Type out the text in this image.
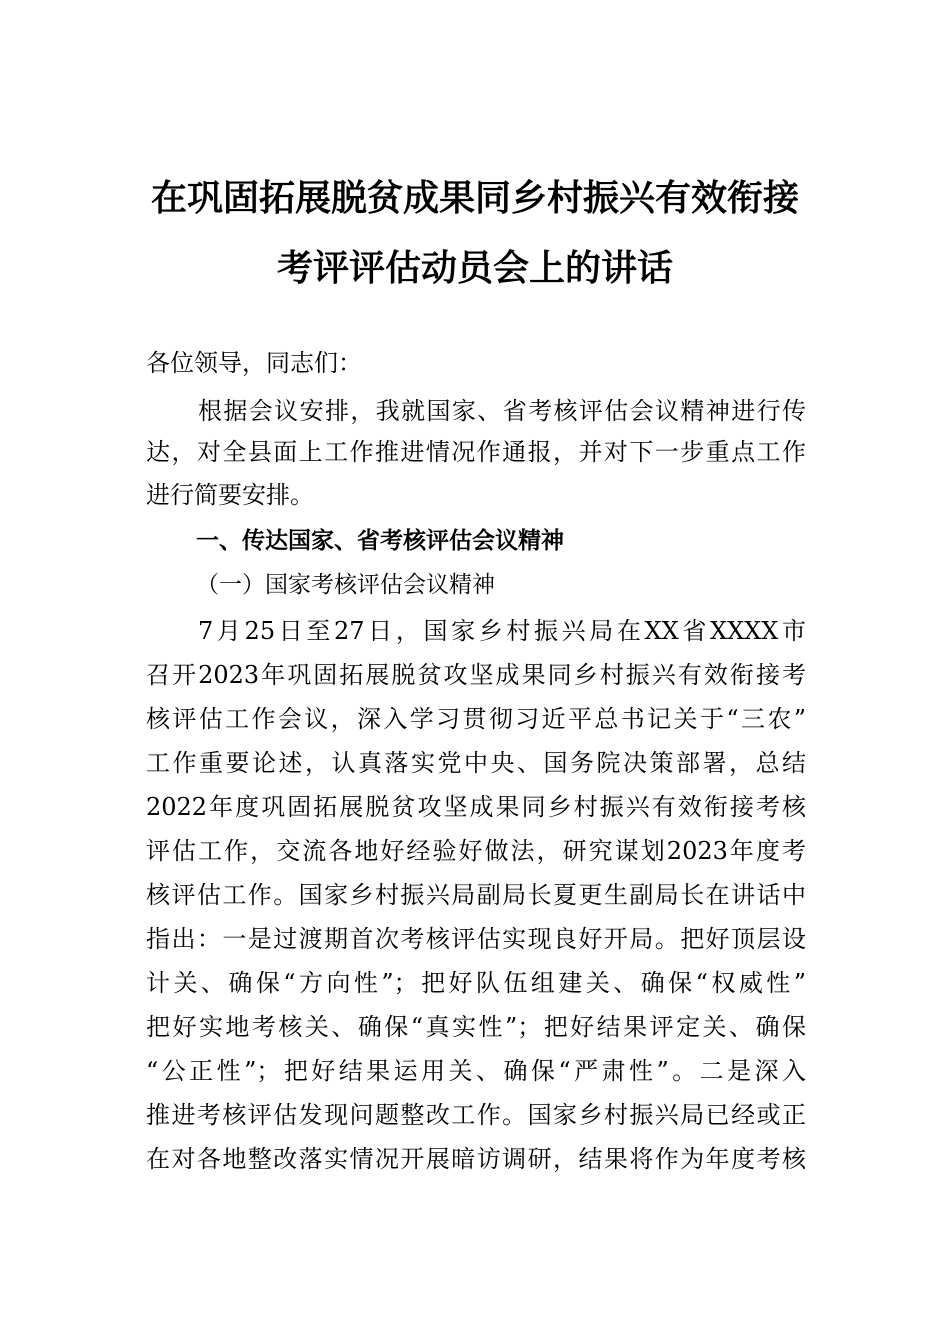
在巩固拓展脱贫成果同乡村振兴有效衔接
考评评估动员会上的讲话

各位领导，同志们：

根据会议安排，我就国家、省考核评估会议精神进行传

达，对全县面上工作推进情况作通报，并对下一步重点工作

进行简要安排。

一、传达国家、省考核评估会议精神

（一）国家考核评估会议精神

7月25日至27日，国家乡村振兴局在XX省XXXX市

召开2023年巩固拓展脱贫攻坚成果同乡村振兴有效衔接考

核评估工作会议，深入学习贯彻习近平总书记关于“三农”

工作重要论述，认真落实党中央、国务院决策部署，总结

2022年度巩固拓展脱贫攻坚成果同乡村振兴有效衔接考核

评估工作，交流各地好经验好做法，研究谋划2023年度考

核评估工作。国家乡村振兴局副局长夏更生副局长在讲话中

指出：一是过渡期首次考核评估实现良好开局。把好顶层设

计关、确保“方向性”；把好队伍组建关、确保“权威性”

把好实地考核关、确保“真实性”；把好结果评定关、确保

“公正性”；把好结果运用关、确保“严肃性”。二是深入

推进考核评估发现问题整改工作。国家乡村振兴局已经或正

在对各地整改落实情况开展暗访调研，结果将作为年度考核
